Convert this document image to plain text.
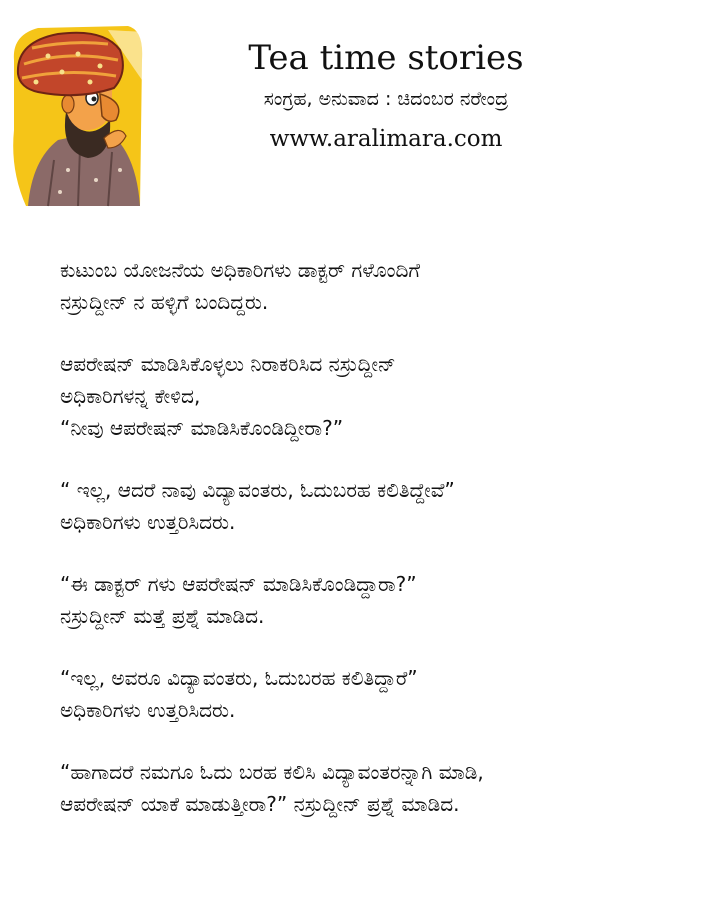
Tea time stories
ಸಂಗ್ರಹ, ಅನುವಾದ : ಚಿದಂಬರ ನರೇಂದ್ರ
www.aralimara.com
ಕುಟುಂಬ ಯೋಜನೆಯ ಅಧಿಕಾರಿಗಳು ಡಾಕ್ಟರ್ ಗಳೊಂದಿಗೆ
ನಸ್ರುದ್ದೀನ್ ನ ಹಳ್ಳಿಗೆ ಬಂದಿದ್ದರು.
ಆಪರೇಷನ್ ಮಾಡಿಸಿಕೊಳ್ಳಲು ನಿರಾಕರಿಸಿದ ನಸ್ರುದ್ದೀನ್
ಅಧಿಕಾರಿಗಳನ್ನ ಕೇಳಿದ,
“ನೀವು ಆಪರೇಷನ್ ಮಾಡಿಸಿಕೊಂಡಿದ್ದೀರಾ?”
“ ಇಲ್ಲ, ಆದರೆ ನಾವು ವಿದ್ಯಾವಂತರು, ಓದುಬರಹ ಕಲಿತಿದ್ದೇವೆ”
ಅಧಿಕಾರಿಗಳು ಉತ್ತರಿಸಿದರು.
“ಈ ಡಾಕ್ಟರ್ ಗಳು ಆಪರೇಷನ್ ಮಾಡಿಸಿಕೊಂಡಿದ್ದಾರಾ?”
ನಸ್ರುದ್ದೀನ್ ಮತ್ತೆ ಪ್ರಶ್ನೆ ಮಾಡಿದ.
“ಇಲ್ಲ, ಅವರೂ ವಿದ್ಯಾವಂತರು, ಓದುಬರಹ ಕಲಿತಿದ್ದಾರೆ”
ಅಧಿಕಾರಿಗಳು ಉತ್ತರಿಸಿದರು.
“ಹಾಗಾದರೆ ನಮಗೂ ಓದು ಬರಹ ಕಲಿಸಿ ವಿದ್ಯಾವಂತರನ್ನಾಗಿ ಮಾಡಿ,
ಆಪರೇಷನ್ ಯಾಕೆ ಮಾಡುತ್ತೀರಾ?” ನಸ್ರುದ್ದೀನ್ ಪ್ರಶ್ನೆ ಮಾಡಿದ.
